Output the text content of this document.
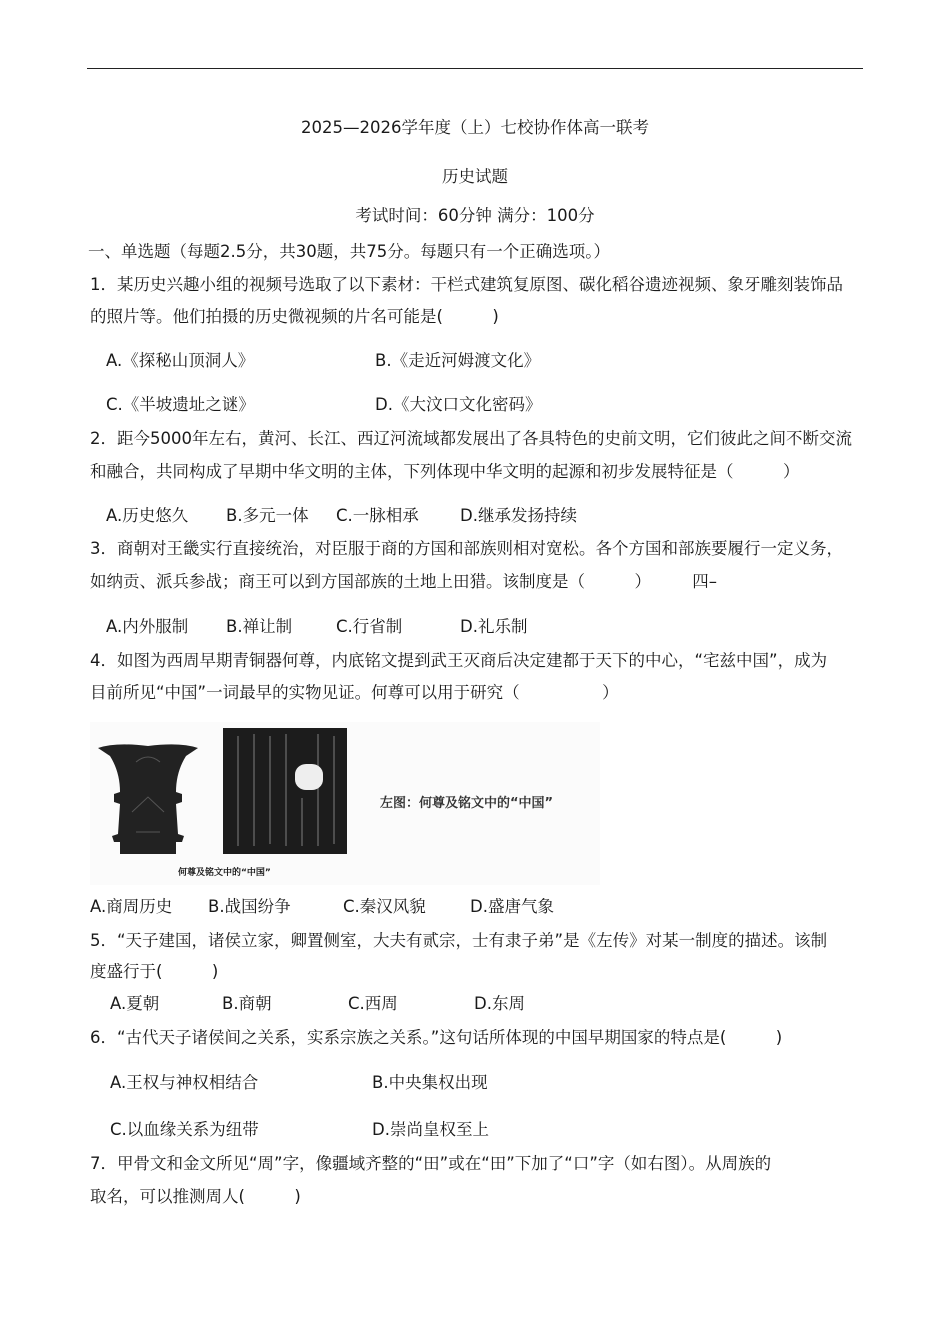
2025—2026学年度（上）七校协作体高一联考
历史试题
考试时间：60分钟 满分：100分
一、单选题（每题2.5分，共30题，共75分。每题只有一个正确选项。）
1．某历史兴趣小组的视频号选取了以下素材：干栏式建筑复原图、碳化稻谷遗迹视频、象牙雕刻装饰品
的照片等。他们拍摄的历史微视频的片名可能是(　　　)
A.《探秘山顶洞人》	B.《走近河姆渡文化》
C.《半坡遗址之谜》	D.《大汶口文化密码》
2．距今5000年左右，黄河、长江、西辽河流域都发展出了各具特色的史前文明，它们彼此之间不断交流
和融合，共同构成了早期中华文明的主体，下列体现中华文明的起源和初步发展特征是（　　　）
A.历史悠久 B.多元一体 C.一脉相承 D.继承发扬持续
3．商朝对王畿实行直接统治，对臣服于商的方国和部族则相对宽松。各个方国和部族要履行一定义务，
如纳贡、派兵参战；商王可以到方国部族的土地上田猎。该制度是（　　　）　　　四–
A.内外服制 B.禅让制	C.行省制	D.礼乐制
4．如图为西周早期青铜器何尊，内底铭文提到武王灭商后决定建都于天下的中心，“宅兹中国”，成为
目前所见“中国”一词最早的实物见证。何尊可以用于研究（　　　　　）
何尊及铭文中的“中国”
左图：何尊及铭文中的“中国”
A.商周历史 B.战国纷争	C.秦汉风貌	D.盛唐气象
5．“天子建国，诸侯立家，卿置侧室，大夫有贰宗，士有隶子弟”是《左传》对某一制度的描述。该制
度盛行于(　　　)
A.夏朝	B.商朝	C.西周	D.东周
6．“古代天子诸侯间之关系，实系宗族之关系。”这句话所体现的中国早期国家的特点是(　　　)
A.王权与神权相结合	B.中央集权出现
C.以血缘关系为纽带	D.崇尚皇权至上
7．甲骨文和金文所见“周”字，像疆域齐整的“田”或在“田”下加了“口”字（如右图）。从周族的
取名，可以推测周人(　　　)
